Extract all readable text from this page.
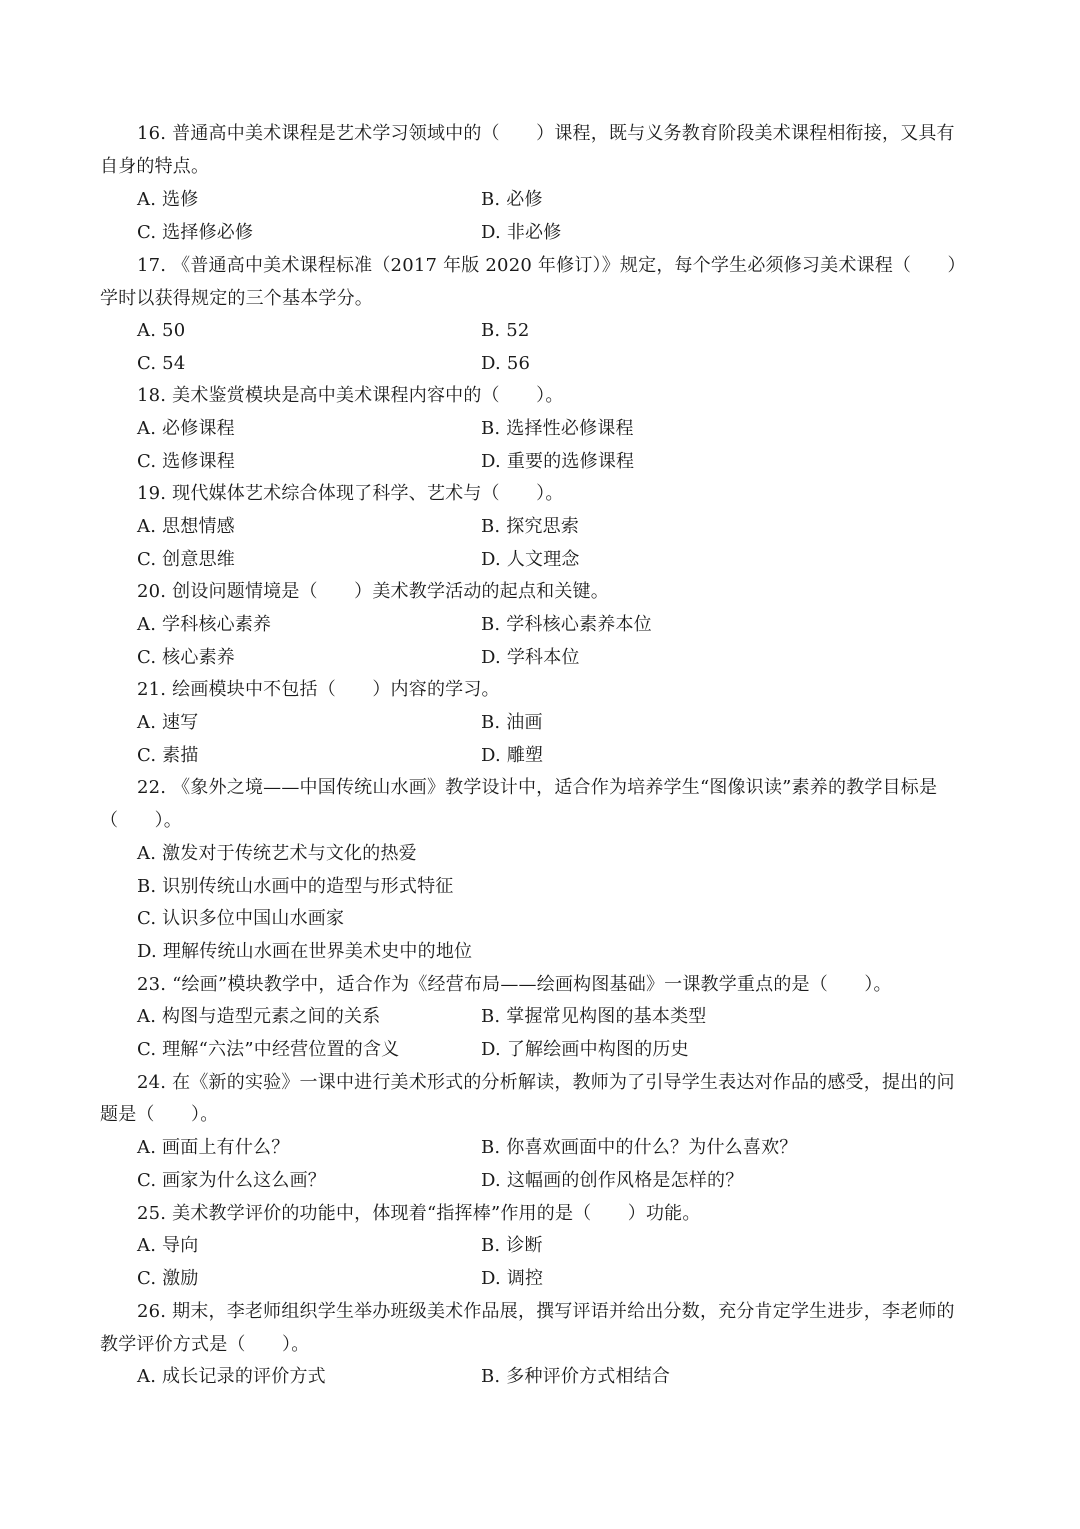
16. 普通高中美术课程是艺术学习领域中的（　　）课程，既与义务教育阶段美术课程相衔接，又具有
自身的特点。
A. 选修	B. 必修
C. 选择修必修	D. 非必修
17. 《普通高中美术课程标准（2017 年版 2020 年修订）》规定，每个学生必须修习美术课程（　　）
学时以获得规定的三个基本学分。
A. 50	B. 52
C. 54	D. 56
18. 美术鉴赏模块是高中美术课程内容中的（　　）。
A. 必修课程	B. 选择性必修课程
C. 选修课程	D. 重要的选修课程
19. 现代媒体艺术综合体现了科学、艺术与（　　）。
A. 思想情感	B. 探究思索
C. 创意思维	D. 人文理念
20. 创设问题情境是（　　）美术教学活动的起点和关键。
A. 学科核心素养	B. 学科核心素养本位
C. 核心素养	D. 学科本位
21. 绘画模块中不包括（　　）内容的学习。
A. 速写	B. 油画
C. 素描	D. 雕塑
22. 《象外之境——中国传统山水画》教学设计中，适合作为培养学生“图像识读”素养的教学目标是
（　　）。
A. 激发对于传统艺术与文化的热爱
B. 识别传统山水画中的造型与形式特征
C. 认识多位中国山水画家
D. 理解传统山水画在世界美术史中的地位
23. “绘画”模块教学中，适合作为《经营布局——绘画构图基础》一课教学重点的是（　　）。
A. 构图与造型元素之间的关系	B. 掌握常见构图的基本类型
C. 理解“六法”中经营位置的含义	D. 了解绘画中构图的历史
24. 在《新的实验》一课中进行美术形式的分析解读，教师为了引导学生表达对作品的感受，提出的问
题是（　　）。
A. 画面上有什么？	B. 你喜欢画面中的什么？为什么喜欢？
C. 画家为什么这么画？	D. 这幅画的创作风格是怎样的？
25. 美术教学评价的功能中，体现着“指挥棒”作用的是（　　）功能。
A. 导向	B. 诊断
C. 激励	D. 调控
26. 期末，李老师组织学生举办班级美术作品展，撰写评语并给出分数，充分肯定学生进步，李老师的
教学评价方式是（　　）。
A. 成长记录的评价方式	B. 多种评价方式相结合
